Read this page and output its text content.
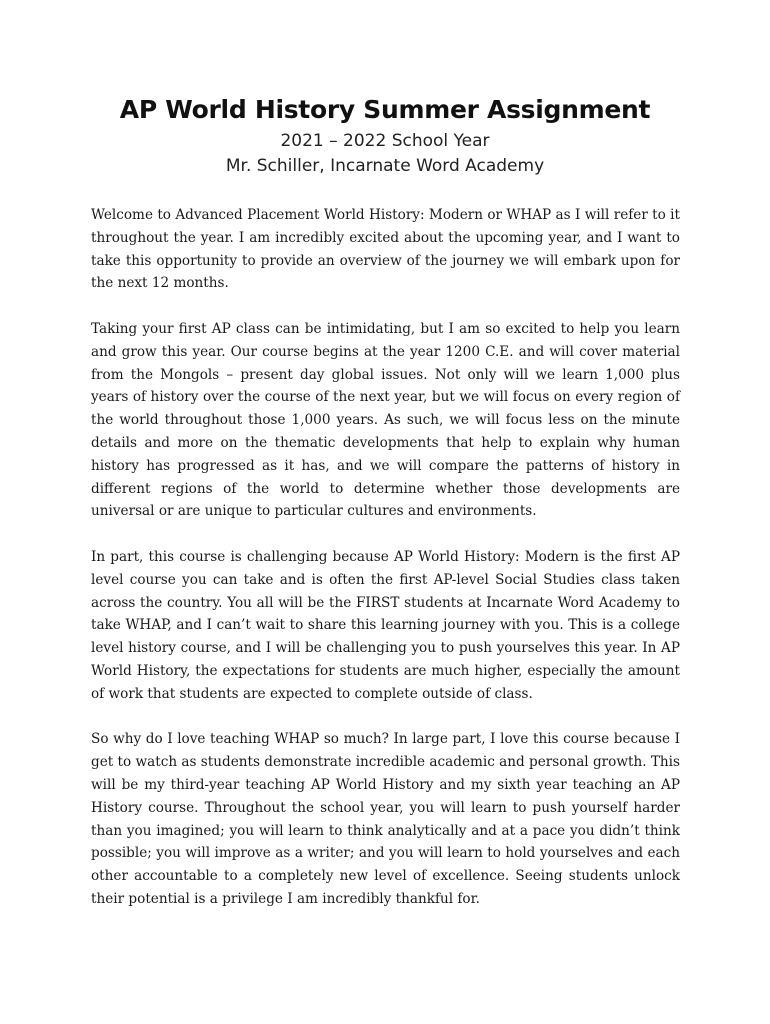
AP World History Summer Assignment
2021 – 2022 School Year
Mr. Schiller, Incarnate Word Academy

Welcome to Advanced Placement World History: Modern or WHAP as I will refer to it throughout the year. I am incredibly excited about the upcoming year, and I want to take this opportunity to provide an overview of the journey we will embark upon for the next 12 months.

Taking your first AP class can be intimidating, but I am so excited to help you learn and grow this year. Our course begins at the year 1200 C.E. and will cover material from the Mongols – present day global issues. Not only will we learn 1,000 plus years of history over the course of the next year, but we will focus on every region of the world throughout those 1,000 years. As such, we will focus less on the minute details and more on the thematic developments that help to explain why human history has progressed as it has, and we will compare the patterns of history in different regions of the world to determine whether those developments are universal or are unique to particular cultures and environments.

In part, this course is challenging because AP World History: Modern is the first AP level course you can take and is often the first AP-level Social Studies class taken across the country. You all will be the FIRST students at Incarnate Word Academy to take WHAP, and I can’t wait to share this learning journey with you. This is a college level history course, and I will be challenging you to push yourselves this year. In AP World History, the expectations for students are much higher, especially the amount of work that students are expected to complete outside of class.

So why do I love teaching WHAP so much? In large part, I love this course because I get to watch as students demonstrate incredible academic and personal growth. This will be my third-year teaching AP World History and my sixth year teaching an AP History course. Throughout the school year, you will learn to push yourself harder than you imagined; you will learn to think analytically and at a pace you didn’t think possible; you will improve as a writer; and you will learn to hold yourselves and each other accountable to a completely new level of excellence. Seeing students unlock their potential is a privilege I am incredibly thankful for.
